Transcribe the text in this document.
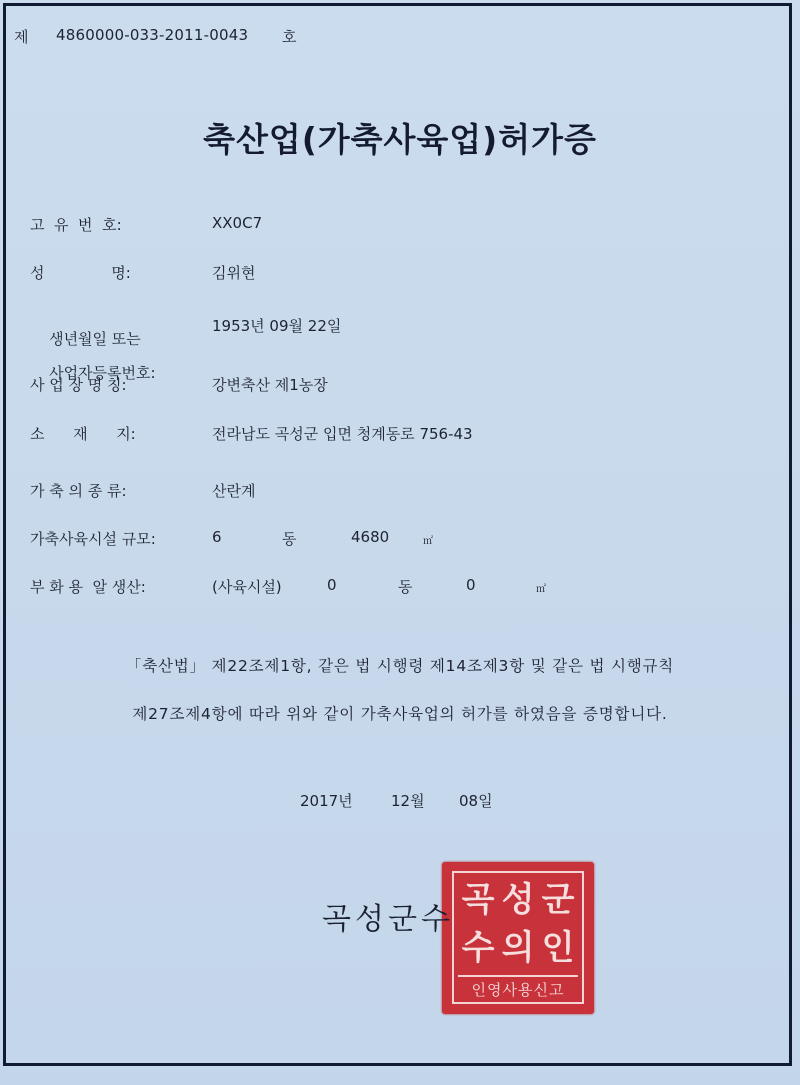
제	4860000-033-2011-0043	호
축산업(가축사육업)허가증
고  유  번  호:	XX0C7
성              명:	김위현

생년월일 또는

사업자등록번호:

1953년 09월 22일
사 업 장 명 칭:	강변축산 제1농장
소      재      지:	전라남도 곡성군 입면 청계동로 756-43
가 축 의 종 류:	산란계
가축사육시설 규모:	6	동	4680	㎡
부 화 용  알 생산:	(사육시설)	0	동	0	㎡
「축산법」 제22조제1항, 같은 법 시행령 제14조제3항 및 같은 법 시행규칙
제27조제4항에 따라 위와 같이 가축사육업의 허가를 하였음을 증명합니다.
2017년	12월 08일
곡성군수 곡 성 군
수 의 인
인영사용신고
